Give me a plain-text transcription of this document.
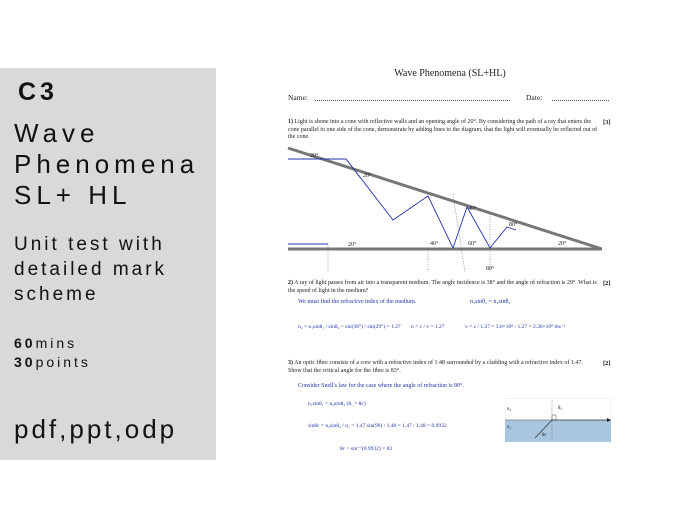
C3
Wave
Phenomena
SL+ HL
Unit test with
detailed mark
scheme
60mins
30points
pdf,ppt,odp
Wave Phenomena (SL+HL)
Name:	Date:
1) Light is shone into a cone with reflective walls and an opening angle of 20°. By considering the path of a ray that enters the cone parallel to one side of the cone, demonstrate by adding lines to the diagram, that the light will eventually be reflected out of the cone.
[3]
20°
20°
20°	40°	60°
40°
80°
80°
20°
2) A ray of light passes from air into a transparent medium. The angle incidence is 38° and the angle of refraction is 29°. What is the speed of light in the medium?
[2]
We must find the refractive index of the medium.	n₁sinθ₁ = n₂sinθ₂
n₂ = n₁sinθ₁ / sinθ₂ = sin(38°) / sin(29°) = 1.27 n = c / v = 1.27	v = c / 1.27 = 3.0×10⁸ / 1.27 = 2.36×10⁸ ms⁻¹
3) An optic fibre consists of a core with a refractive index of 1.48 surrounded by a cladding with a refractive index of 1.47. Show that the critical angle for the fibre is 83°.
[2]
Consider Snell's law for the case where the angle of refraction is 90°.
n₁sinθ₁ = n₂sinθ₂ (θ₁ = θc)
sinθc = n₂sinθ₂ / n₁ = 1.47 sin(90) / 1.48 = 1.47 / 1.48 = 0.9932
θc = sin⁻¹(0.9932) = 83
n₂
n₁
θ₂
θc
